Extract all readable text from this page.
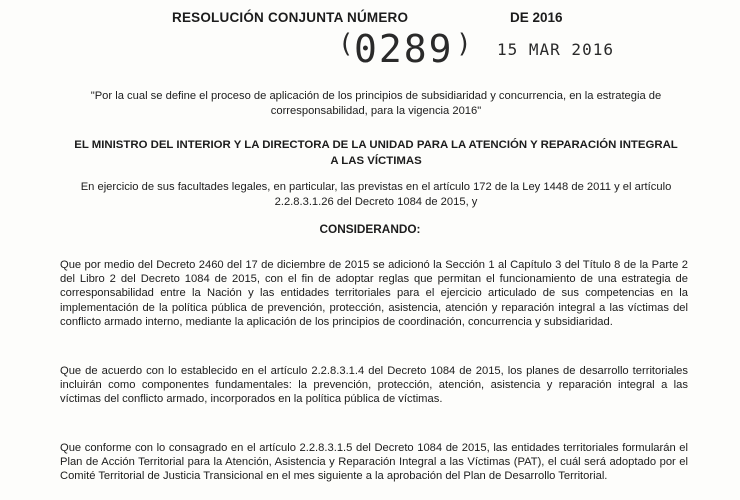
RESOLUCIÓN CONJUNTA NÚMERO	DE 2016
( 0289 ) 15 MAR 2016
"Por la cual se define el proceso de aplicación de los principios de subsidiaridad y concurrencia, en la estrategia de corresponsabilidad, para la vigencia 2016"
EL MINISTRO DEL INTERIOR Y LA DIRECTORA DE LA UNIDAD PARA LA ATENCIÓN Y REPARACIÓN INTEGRAL A LAS VÍCTIMAS
En ejercicio de sus facultades legales, en particular, las previstas en el artículo 172 de la Ley 1448 de 2011 y el artículo 2.2.8.3.1.26 del Decreto 1084 de 2015, y
CONSIDERANDO:
Que por medio del Decreto 2460 del 17 de diciembre de 2015 se adicionó la Sección 1 al Capítulo 3 del Título 8 de la Parte 2 del Libro 2 del Decreto 1084 de 2015, con el fin de adoptar reglas que permitan el funcionamiento de una estrategia de corresponsabilidad entre la Nación y las entidades territoriales para el ejercicio articulado de sus competencias en la implementación de la política pública de prevención, protección, asistencia, atención y reparación integral a las víctimas del conflicto armado interno, mediante la aplicación de los principios de coordinación, concurrencia y subsidiaridad.
Que de acuerdo con lo establecido en el artículo 2.2.8.3.1.4 del Decreto 1084 de 2015, los planes de desarrollo territoriales incluirán como componentes fundamentales: la prevención, protección, atención, asistencia y reparación integral a las víctimas del conflicto armado, incorporados en la política pública de víctimas.
Que conforme con lo consagrado en el artículo 2.2.8.3.1.5 del Decreto 1084 de 2015, las entidades territoriales formularán el Plan de Acción Territorial para la Atención, Asistencia y Reparación Integral a las Víctimas (PAT), el cuál será adoptado por el Comité Territorial de Justicia Transicional en el mes siguiente a la aprobación del Plan de Desarrollo Territorial.
